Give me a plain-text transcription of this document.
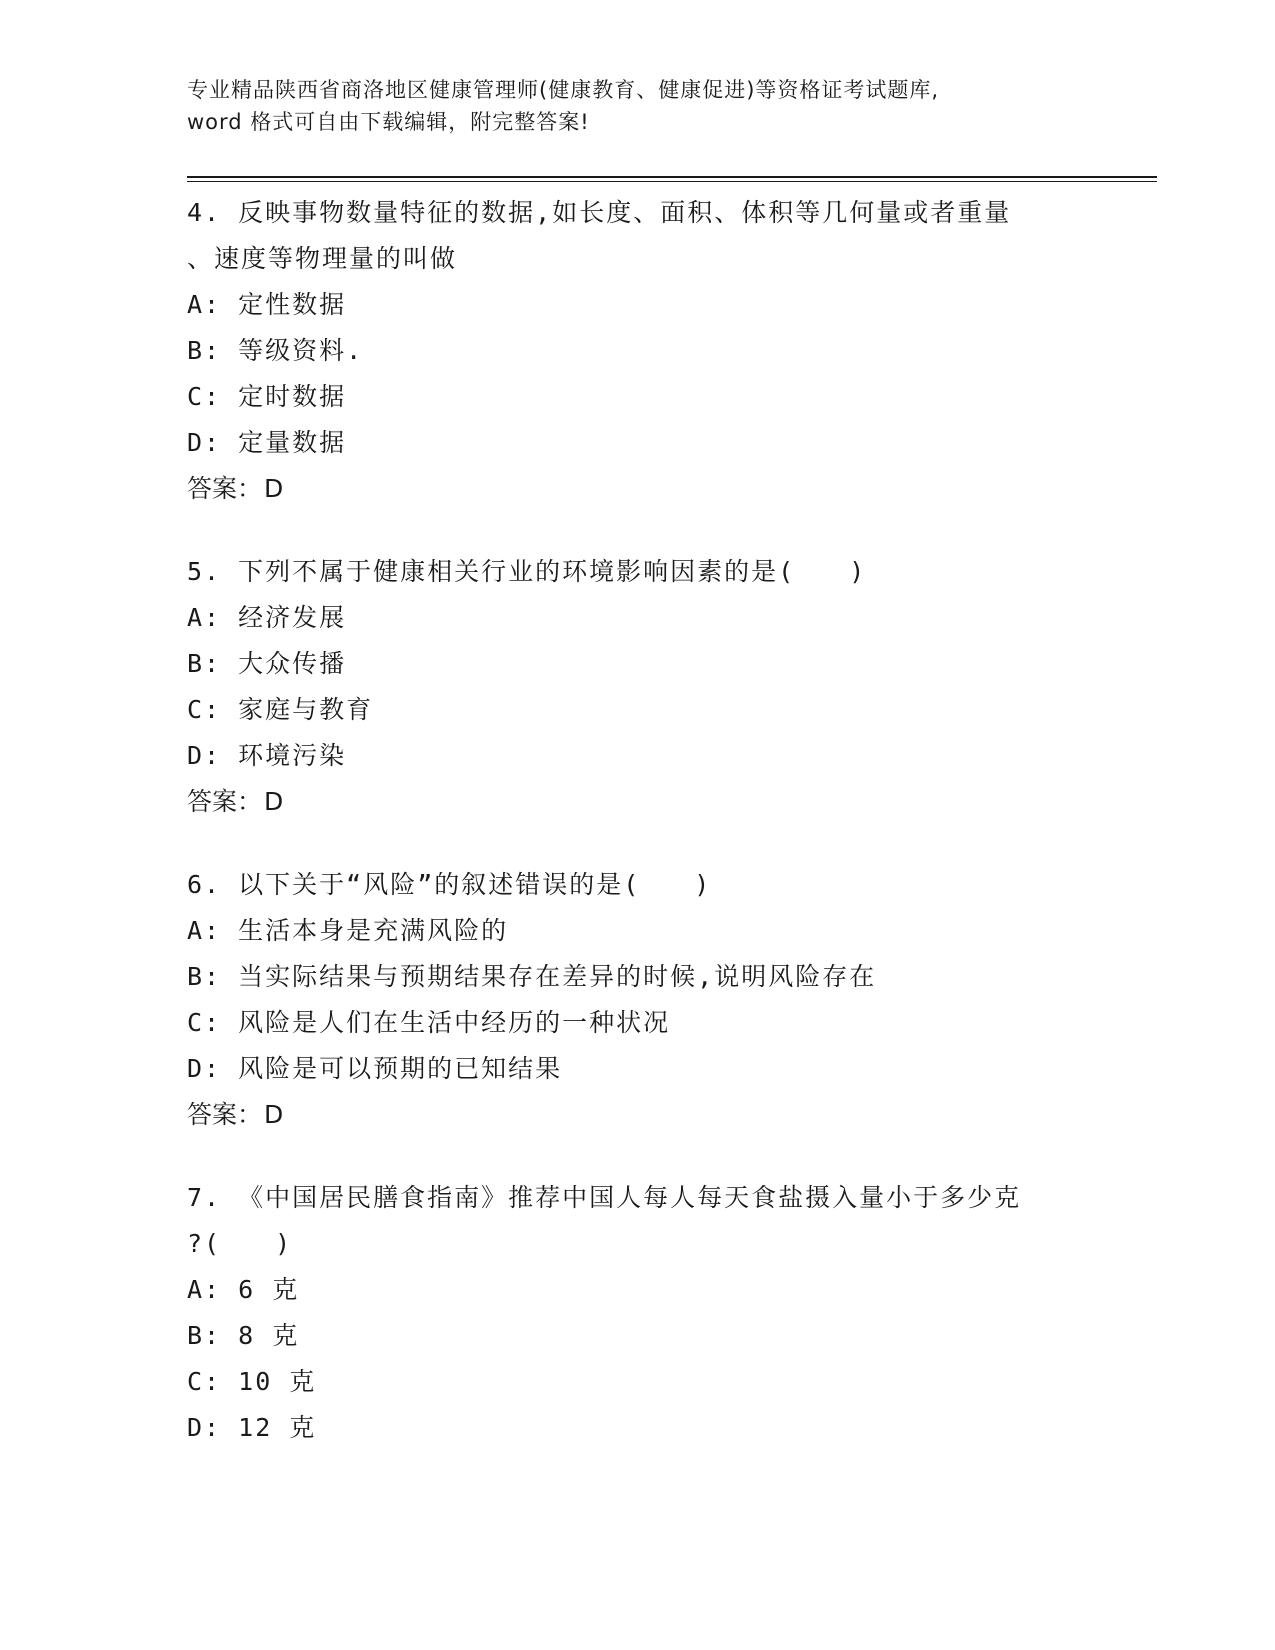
专业精品陕西省商洛地区健康管理师(健康教育、健康促进)等资格证考试题库,
word 格式可自由下载编辑，附完整答案!
4. 反映事物数量特征的数据,如长度、面积、体积等几何量或者重量
、速度等物理量的叫做
A: 定性数据
B: 等级资料.
C: 定时数据
D: 定量数据
答案：D
5. 下列不属于健康相关行业的环境影响因素的是(　　)
A: 经济发展
B: 大众传播
C: 家庭与教育
D: 环境污染
答案：D
6. 以下关于“风险”的叙述错误的是(　　)
A: 生活本身是充满风险的
B: 当实际结果与预期结果存在差异的时候,说明风险存在
C: 风险是人们在生活中经历的一种状况
D: 风险是可以预期的已知结果
答案：D
7. 《中国居民膳食指南》推荐中国人每人每天食盐摄入量小于多少克
?(　　)
A: 6 克
B: 8 克
C: 10 克
D: 12 克
